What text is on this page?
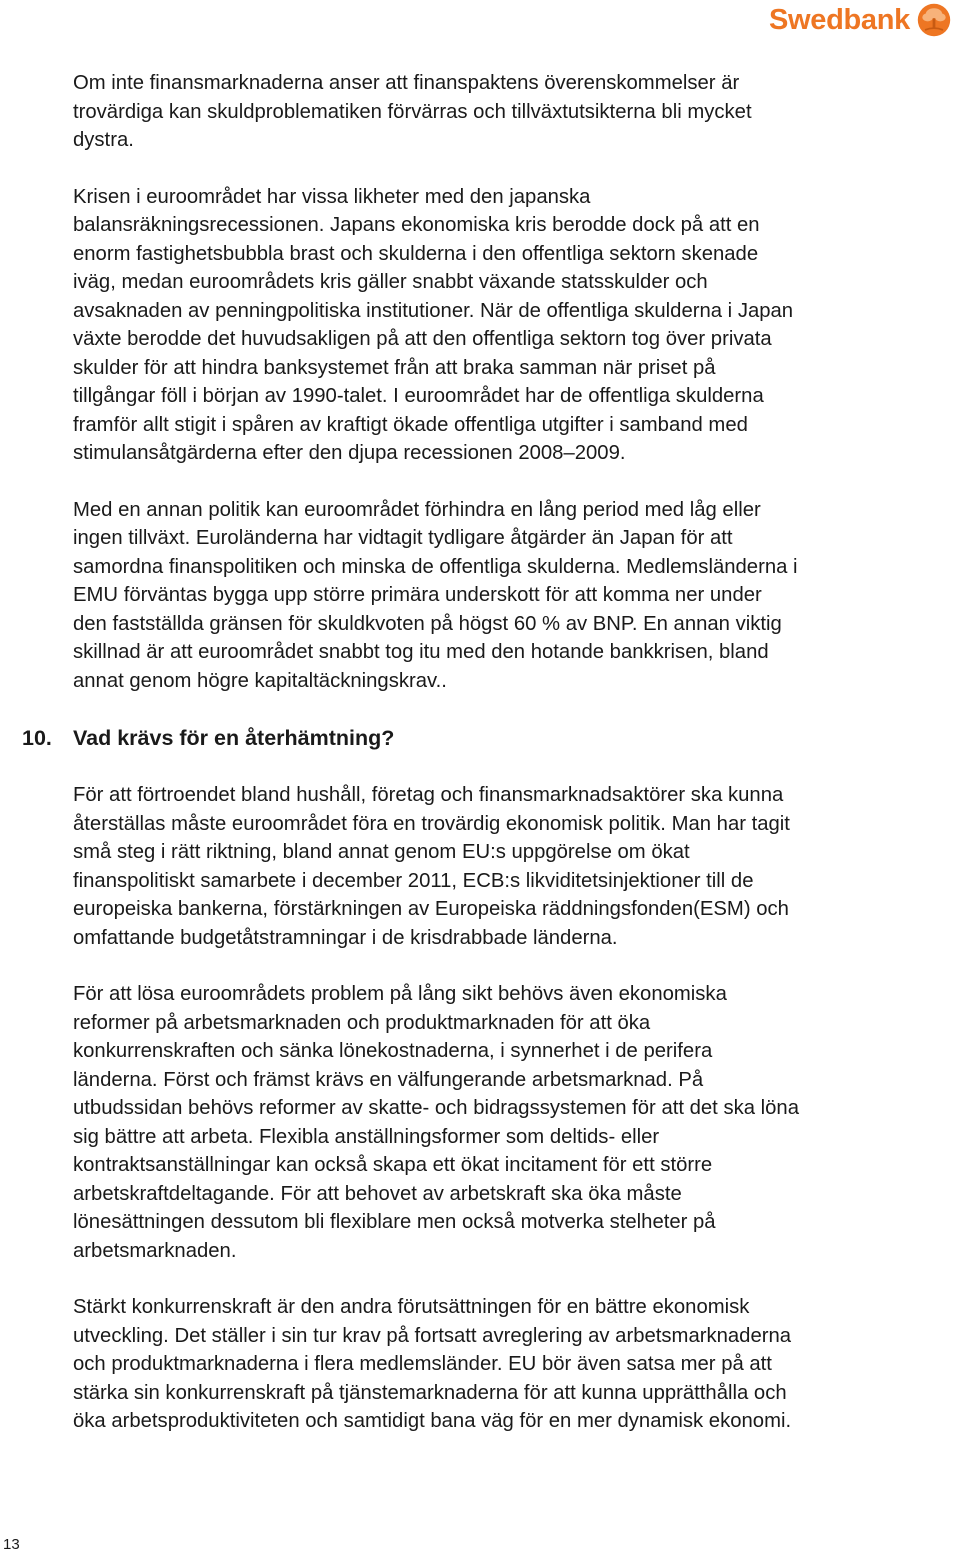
Swedbank

Om inte finansmarknaderna anser att finanspaktens överenskommelser är
trovärdiga kan skuldproblematiken förvärras och tillväxtutsikterna bli mycket
dystra.

Krisen i euroområdet har vissa likheter med den japanska
balansräkningsrecessionen. Japans ekonomiska kris berodde dock på att en
enorm fastighetsbubbla brast och skulderna i den offentliga sektorn skenade
iväg, medan euroområdets kris gäller snabbt växande statsskulder och
avsaknaden av penningpolitiska institutioner. När de offentliga skulderna i Japan
växte berodde det huvudsakligen på att den offentliga sektorn tog över privata
skulder för att hindra banksystemet från att braka samman när priset på
tillgångar föll i början av 1990-talet. I euroområdet har de offentliga skulderna
framför allt stigit i spåren av kraftigt ökade offentliga utgifter i samband med
stimulansåtgärderna efter den djupa recessionen 2008–2009.

Med en annan politik kan euroområdet förhindra en lång period med låg eller
ingen tillväxt. Euroländerna har vidtagit tydligare åtgärder än Japan för att
samordna finanspolitiken och minska de offentliga skulderna. Medlemsländerna i
EMU förväntas bygga upp större primära underskott för att komma ner under
den fastställda gränsen för skuldkvoten på högst 60 % av BNP. En annan viktig
skillnad är att euroområdet snabbt tog itu med den hotande bankkrisen, bland
annat genom högre kapitaltäckningskrav..

10. Vad krävs för en återhämtning?

För att förtroendet bland hushåll, företag och finansmarknadsaktörer ska kunna
återställas måste euroområdet föra en trovärdig ekonomisk politik. Man har tagit
små steg i rätt riktning, bland annat genom EU:s uppgörelse om ökat
finanspolitiskt samarbete i december 2011, ECB:s likviditetsinjektioner till de
europeiska bankerna, förstärkningen av Europeiska räddningsfonden(ESM) och
omfattande budgetåtstramningar i de krisdrabbade länderna.

För att lösa euroområdets problem på lång sikt behövs även ekonomiska
reformer på arbetsmarknaden och produktmarknaden för att öka
konkurrenskraften och sänka lönekostnaderna, i synnerhet i de perifera
länderna. Först och främst krävs en välfungerande arbetsmarknad. På
utbudssidan behövs reformer av skatte- och bidragssystemen för att det ska löna
sig bättre att arbeta. Flexibla anställningsformer som deltids- eller
kontraktsanställningar kan också skapa ett ökat incitament för ett större
arbetskraftdeltagande. För att behovet av arbetskraft ska öka måste
lönesättningen dessutom bli flexiblare men också motverka stelheter på
arbetsmarknaden.

Stärkt konkurrenskraft är den andra förutsättningen för en bättre ekonomisk
utveckling. Det ställer i sin tur krav på fortsatt avreglering av arbetsmarknaderna
och produktmarknaderna i flera medlemsländer. EU bör även satsa mer på att
stärka sin konkurrenskraft på tjänstemarknaderna för att kunna upprätthålla och
öka arbetsproduktiviteten och samtidigt bana väg för en mer dynamisk ekonomi.

13
